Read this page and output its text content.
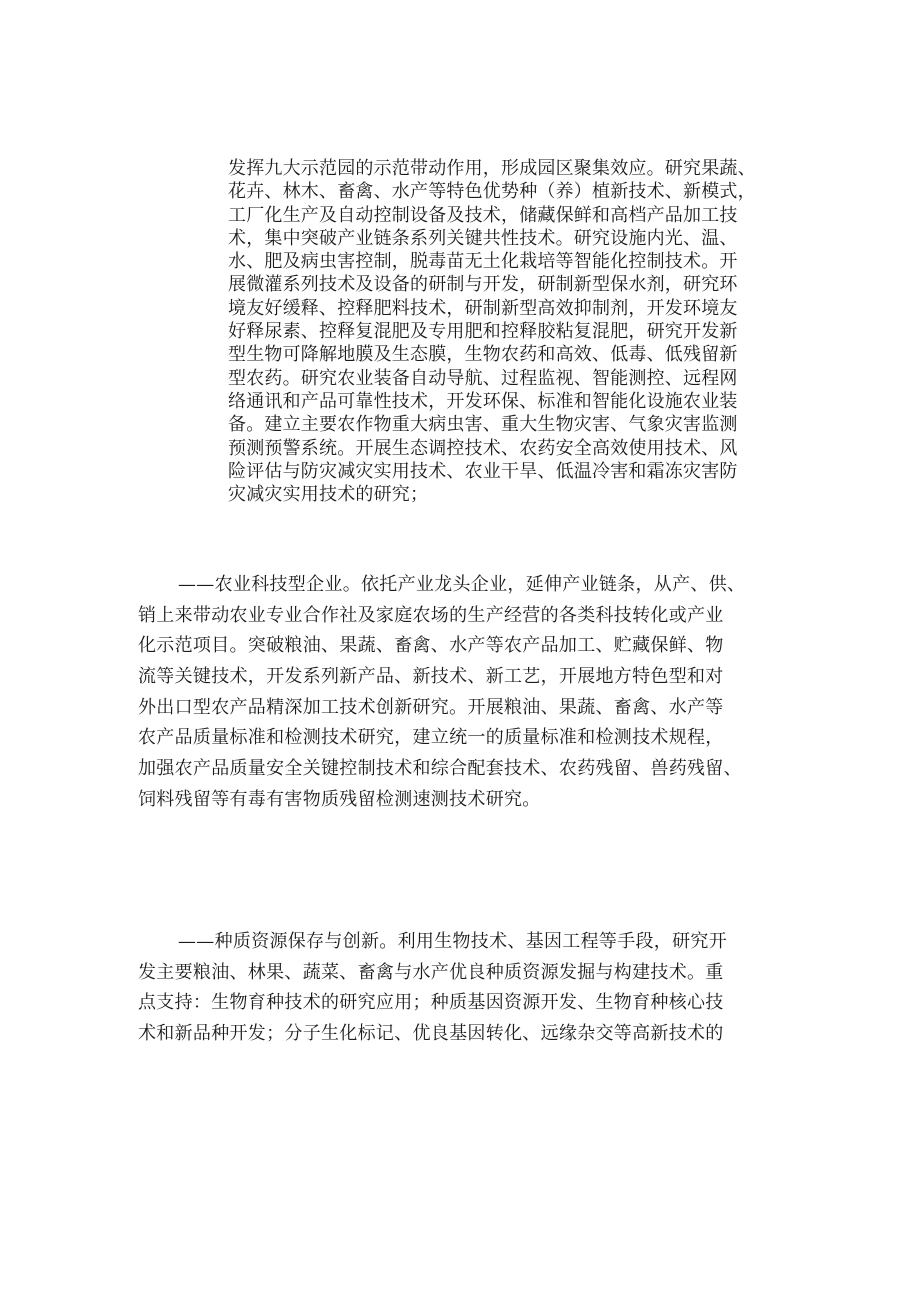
发挥九大示范园的示范带动作用，形成园区聚集效应。研究果蔬、
花卉、林木、畜禽、水产等特色优势种（养）植新技术、新模式，
工厂化生产及自动控制设备及技术，储藏保鲜和高档产品加工技
术，集中突破产业链条系列关键共性技术。研究设施内光、温、
水、肥及病虫害控制，脱毒苗无土化栽培等智能化控制技术。开
展微灌系列技术及设备的研制与开发，研制新型保水剂，研究环
境友好缓释、控释肥料技术，研制新型高效抑制剂，开发环境友
好释尿素、控释复混肥及专用肥和控释胶粘复混肥，研究开发新
型生物可降解地膜及生态膜，生物农药和高效、低毒、低残留新
型农药。研究农业装备自动导航、过程监视、智能测控、远程网
络通讯和产品可靠性技术，开发环保、标准和智能化设施农业装
备。建立主要农作物重大病虫害、重大生物灾害、气象灾害监测
预测预警系统。开展生态调控技术、农药安全高效使用技术、风
险评估与防灾减灾实用技术、农业干旱、低温冷害和霜冻灾害防
灾减灾实用技术的研究；
——农业科技型企业。依托产业龙头企业，延伸产业链条，从产、供、
销上来带动农业专业合作社及家庭农场的生产经营的各类科技转化或产业
化示范项目。突破粮油、果蔬、畜禽、水产等农产品加工、贮藏保鲜、物
流等关键技术，开发系列新产品、新技术、新工艺，开展地方特色型和对
外出口型农产品精深加工技术创新研究。开展粮油、果蔬、畜禽、水产等
农产品质量标准和检测技术研究，建立统一的质量标准和检测技术规程，
加强农产品质量安全关键控制技术和综合配套技术、农药残留、兽药残留、
饲料残留等有毒有害物质残留检测速测技术研究。
——种质资源保存与创新。利用生物技术、基因工程等手段，研究开
发主要粮油、林果、蔬菜、畜禽与水产优良种质资源发掘与构建技术。重
点支持：生物育种技术的研究应用；种质基因资源开发、生物育种核心技
术和新品种开发；分子生化标记、优良基因转化、远缘杂交等高新技术的
